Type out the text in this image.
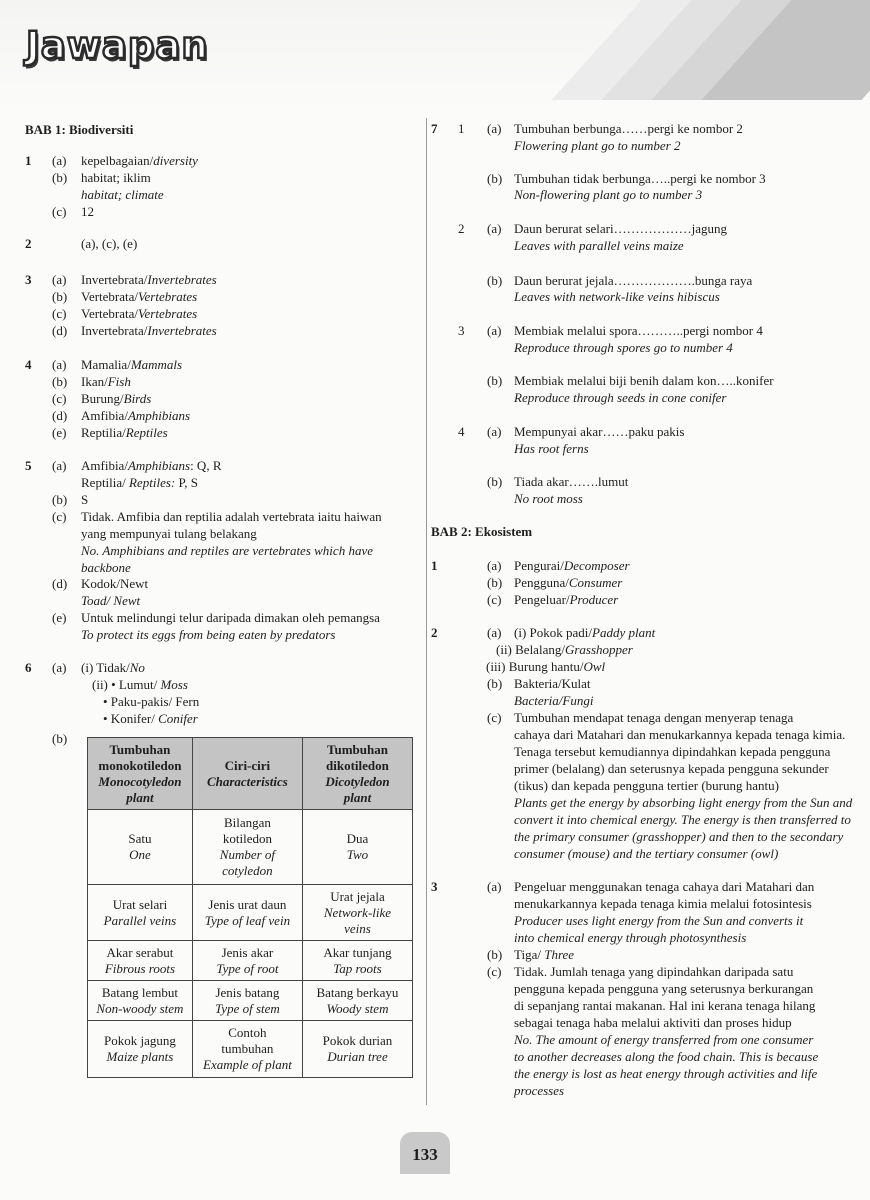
Jawapan
BAB 1: Biodiversiti
BAB 2: Ekosistem
1 (a) kepelbagaian/diversity
(b) habitat; iklim
habitat; climate
(c) 12
2	(a), (c), (e)
3 (a) Invertebrata/Invertebrates
(b) Vertebrata/Vertebrates
(c) Vertebrata/Vertebrates
(d) Invertebrata/Invertebrates
4 (a) Mamalia/Mammals
(b) Ikan/Fish
(c) Burung/Birds
(d) Amfibia/Amphibians
(e) Reptilia/Reptiles
5 (a) Amfibia/Amphibians: Q, R
Reptilia/ Reptiles: P, S
(b) S
(c) Tidak. Amfibia dan reptilia adalah vertebrata iaitu haiwan
yang mempunyai tulang belakang
No. Amphibians and reptiles are vertebrates which have
backbone
(d) Kodok/Newt
Toad/ Newt
(e) Untuk melindungi telur daripada dimakan oleh pemangsa
To protect its eggs from being eaten by predators
6 (a) (i) Tidak/No
(ii) • Lumut/ Moss
• Paku-pakis/ Fern
• Konifer/ Conifer
(b)
7 1 (a) Tumbuhan berbunga……pergi ke nombor 2
Flowering plant go to number 2
(b) Tumbuhan tidak berbunga…..pergi ke nombor 3
Non-flowering plant go to number 3
2 (a) Daun berurat selari………………jagung
Leaves with parallel veins maize
(b) Daun berurat jejala……………….bunga raya
Leaves with network-like veins hibiscus
3 (a) Membiak melalui spora………..pergi nombor 4
Reproduce through spores go to number 4
(b) Membiak melalui biji benih dalam kon…..konifer
Reproduce through seeds in cone conifer
4 (a) Mempunyai akar……paku pakis
Has root ferns
(b) Tiada akar…….lumut
No root moss
1	(a) Pengurai/Decomposer
(b) Pengguna/Consumer
(c) Pengeluar/Producer
2	(a) (i) Pokok padi/Paddy plant
(ii) Belalang/Grasshopper
(iii) Burung hantu/Owl
(b) Bakteria/Kulat
Bacteria/Fungi
(c) Tumbuhan mendapat tenaga dengan menyerap tenaga
cahaya dari Matahari dan menukarkannya kepada tenaga kimia.
Tenaga tersebut kemudiannya dipindahkan kepada pengguna
primer (belalang) dan seterusnya kepada pengguna sekunder
(tikus) dan kepada pengguna tertier (burung hantu)
Plants get the energy by absorbing light energy from the Sun and
convert it into chemical energy. The energy is then transferred to
the primary consumer (grasshopper) and then to the secondary
consumer (mouse) and the tertiary consumer (owl)
3	(a) Pengeluar menggunakan tenaga cahaya dari Matahari dan
menukarkannya kepada tenaga kimia melalui fotosintesis
Producer uses light energy from the Sun and converts it
into chemical energy through photosynthesis
(b) Tiga/ Three
(c) Tidak. Jumlah tenaga yang dipindahkan daripada satu
pengguna kepada pengguna yang seterusnya berkurangan
di sepanjang rantai makanan. Hal ini kerana tenaga hilang
sebagai tenaga haba melalui aktiviti dan proses hidup
No. The amount of energy transferred from one consumer
to another decreases along the food chain. This is because
the energy is lost as heat energy through activities and life
processes
Tumbuhan
monokotiledon
Monocotyledon
plant	Ciri-ciri
Characteristics	Tumbuhan
dikotiledon
Dicotyledon
plant
Satu
One	Bilangan
kotiledon
Number of
cotyledon	Dua
Two
Urat selari
Parallel veins	Jenis urat daun
Type of leaf vein	Urat jejala
Network-like
veins
Akar serabut
Fibrous roots	Jenis akar
Type of root	Akar tunjang
Tap roots
Batang lembut
Non-woody stem	Jenis batang
Type of stem	Batang berkayu
Woody stem
Pokok jagung
Maize plants	Contoh
tumbuhan
Example of plant	Pokok durian
Durian tree
133
